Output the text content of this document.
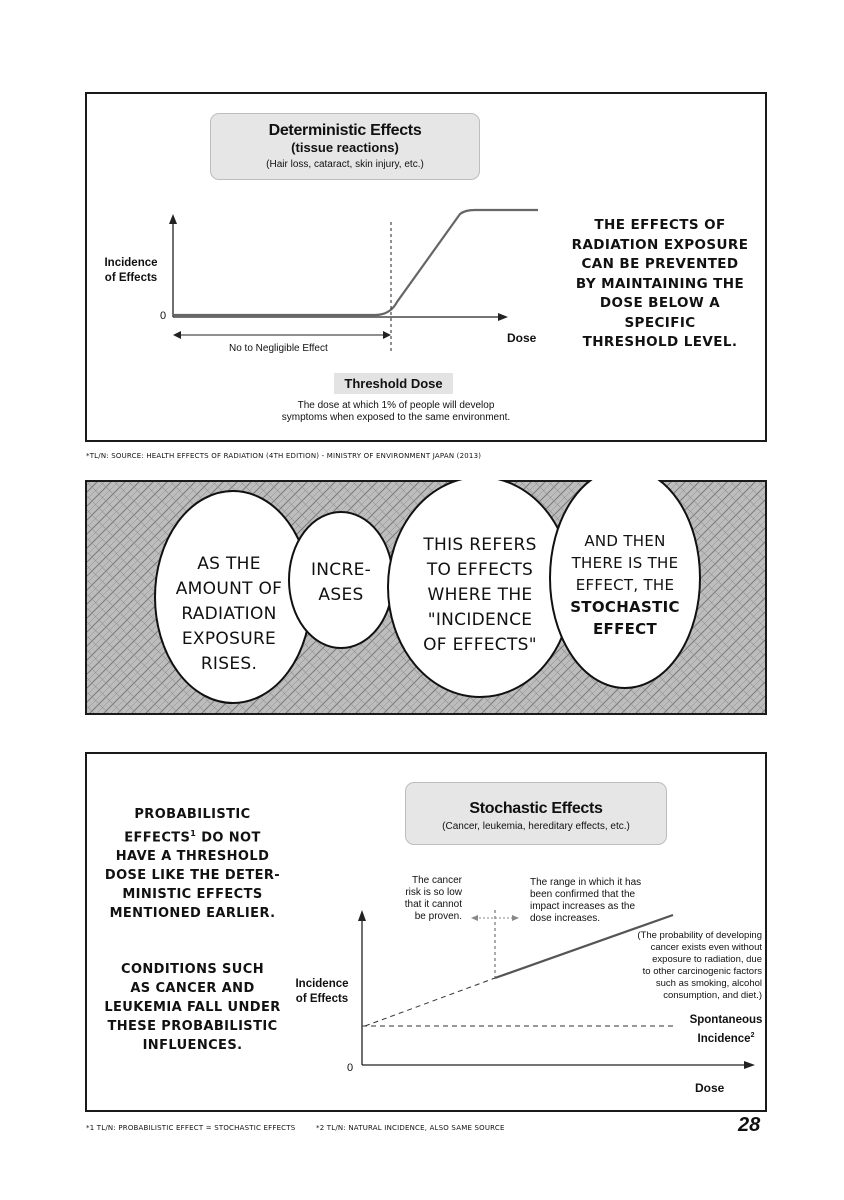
Deterministic Effects
(tissue reactions)
(Hair loss, cataract, skin injury, etc.)
Incidence
of Effects
0
Dose
No to Negligible Effect
Threshold Dose
The dose at which 1% of people will develop
symptoms when exposed to the same environment.
THE EFFECTS OF
RADIATION EXPOSURE
CAN BE PREVENTED
BY MAINTAINING THE
DOSE BELOW A SPECIFIC
THRESHOLD LEVEL.
*TL/N: SOURCE: HEALTH EFFECTS OF RADIATION (4TH EDITION) - MINISTRY OF ENVIRONMENT JAPAN (2013)
AS THE
AMOUNT OF
RADIATION
EXPOSURE
RISES.
INCRE-
ASES
THIS REFERS
TO EFFECTS
WHERE THE
"INCIDENCE
OF EFFECTS"
AND THEN
THERE IS THE
EFFECT, THE
STOCHASTIC
EFFECT
PROBABILISTIC
EFFECTS$^1$ DO NOT
HAVE A THRESHOLD
DOSE LIKE THE DETER-
MINISTIC EFFECTS
MENTIONED EARLIER.
CONDITIONS SUCH
AS CANCER AND
LEUKEMIA FALL UNDER
THESE PROBABILISTIC
INFLUENCES.
Stochastic Effects
(Cancer, leukemia, hereditary effects, etc.)
The cancer
risk is so low
that it cannot
be proven.
The range in which it has
been confirmed that the
impact increases as the
dose increases.
(The probability of developing
cancer exists even without
exposure to radiation, due
to other carcinogenic factors
such as smoking, alcohol
consumption, and diet.)
Incidence
of Effects
0
Dose
Spontaneous
Incidence$^2$
*1 TL/N: PROBABILISTIC EFFECT = STOCHASTIC EFFECTS	*2 TL/N: NATURAL INCIDENCE, ALSO SAME SOURCE	28
